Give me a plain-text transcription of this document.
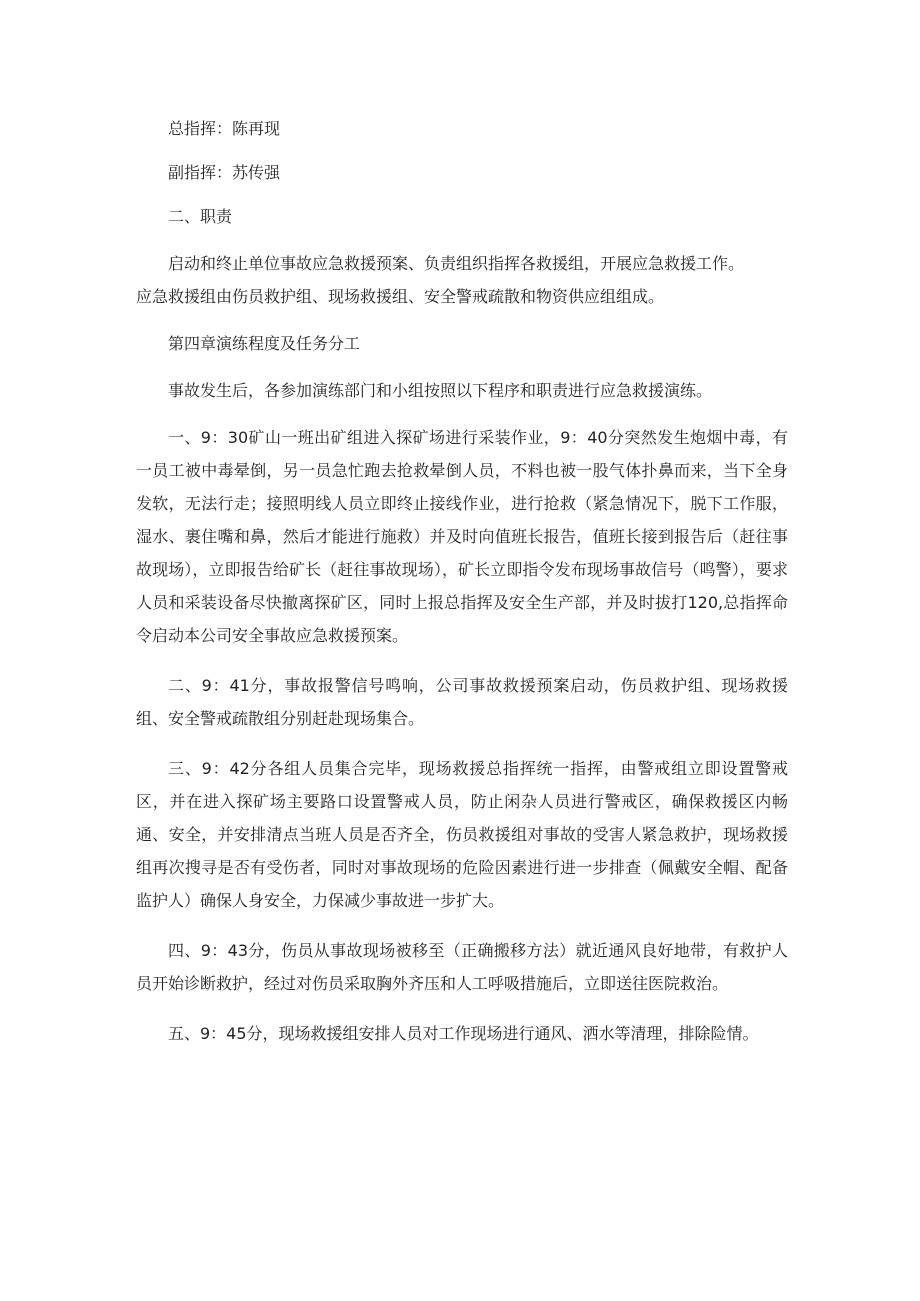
总指挥：陈再现

副指挥：苏传强

二、职责

启动和终止单位事故应急救援预案、负责组织指挥各救援组，开展应急救援工作。

应急救援组由伤员救护组、现场救援组、安全警戒疏散和物资供应组组成。

第四章演练程度及任务分工

事故发生后，各参加演练部门和小组按照以下程序和职责进行应急救援演练。

一、9：30矿山一班出矿组进入探矿场进行采装作业，9：40分突然发生炮烟中毒，有一员工被中毒晕倒，另一员急忙跑去抢救晕倒人员，不料也被一股气体扑鼻而来，当下全身发软，无法行走；接照明线人员立即终止接线作业，进行抢救（紧急情况下，脱下工作服，湿水、裹住嘴和鼻，然后才能进行施救）并及时向值班长报告，值班长接到报告后（赶往事故现场），立即报告给矿长（赶往事故现场），矿长立即指令发布现场事故信号（鸣警），要求人员和采装设备尽快撤离探矿区，同时上报总指挥及安全生产部，并及时拔打120,总指挥命令启动本公司安全事故应急救援预案。

二、9：41分，事故报警信号鸣响，公司事故救援预案启动，伤员救护组、现场救援组、安全警戒疏散组分别赶赴现场集合。

三、9：42分各组人员集合完毕，现场救援总指挥统一指挥，由警戒组立即设置警戒区，并在进入探矿场主要路口设置警戒人员，防止闲杂人员进行警戒区，确保救援区内畅通、安全，并安排清点当班人员是否齐全，伤员救援组对事故的受害人紧急救护，现场救援组再次搜寻是否有受伤者，同时对事故现场的危险因素进行进一步排查（佩戴安全帽、配备监护人）确保人身安全，力保减少事故进一步扩大。

四、9：43分，伤员从事故现场被移至（正确搬移方法）就近通风良好地带，有救护人员开始诊断救护，经过对伤员采取胸外齐压和人工呼吸措施后，立即送往医院救治。

五、9：45分，现场救援组安排人员对工作现场进行通风、洒水等清理，排除险情。
